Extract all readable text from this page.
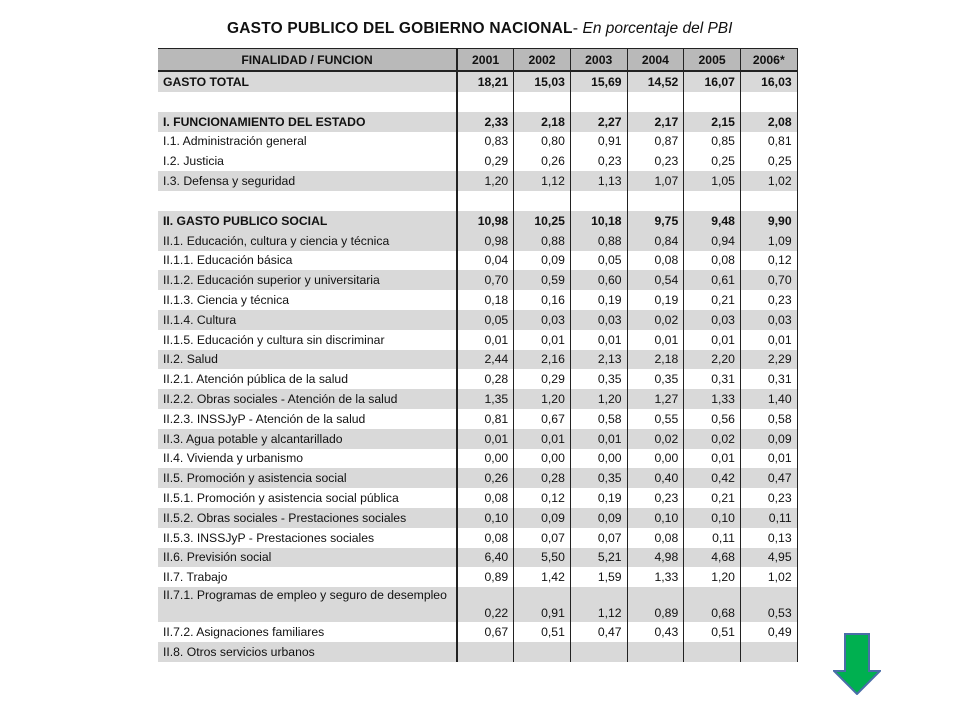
GASTO PUBLICO DEL GOBIERNO NACIONAL- En porcentaje del PBI
FINALIDAD / FUNCION	2001	2002	2003	2004	2005	2006*
GASTO TOTAL	18,21	15,03	15,69	14,52	16,07	16,03

I. FUNCIONAMIENTO DEL ESTADO	2,33	2,18	2,27	2,17	2,15	2,08
I.1. Administración general	0,83	0,80	0,91	0,87	0,85	0,81
I.2. Justicia	0,29	0,26	0,23	0,23	0,25	0,25
I.3. Defensa y seguridad	1,20	1,12	1,13	1,07	1,05	1,02

II. GASTO PUBLICO SOCIAL	10,98	10,25	10,18	9,75	9,48	9,90
II.1. Educación, cultura y ciencia y técnica	0,98	0,88	0,88	0,84	0,94	1,09
II.1.1. Educación básica	0,04	0,09	0,05	0,08	0,08	0,12
II.1.2. Educación superior y universitaria	0,70	0,59	0,60	0,54	0,61	0,70
II.1.3. Ciencia y técnica	0,18	0,16	0,19	0,19	0,21	0,23
II.1.4. Cultura	0,05	0,03	0,03	0,02	0,03	0,03
II.1.5. Educación y cultura sin discriminar	0,01	0,01	0,01	0,01	0,01	0,01
II.2. Salud	2,44	2,16	2,13	2,18	2,20	2,29
II.2.1. Atención pública de la salud	0,28	0,29	0,35	0,35	0,31	0,31
II.2.2. Obras sociales - Atención de la salud	1,35	1,20	1,20	1,27	1,33	1,40
II.2.3. INSSJyP - Atención de la salud	0,81	0,67	0,58	0,55	0,56	0,58
II.3. Agua potable y alcantarillado	0,01	0,01	0,01	0,02	0,02	0,09
II.4. Vivienda y urbanismo	0,00	0,00	0,00	0,00	0,01	0,01
II.5. Promoción y asistencia social	0,26	0,28	0,35	0,40	0,42	0,47
II.5.1. Promoción y asistencia social pública	0,08	0,12	0,19	0,23	0,21	0,23
II.5.2. Obras sociales - Prestaciones sociales	0,10	0,09	0,09	0,10	0,10	0,11
II.5.3. INSSJyP - Prestaciones sociales	0,08	0,07	0,07	0,08	0,11	0,13
II.6. Previsión social	6,40	5,50	5,21	4,98	4,68	4,95
II.7. Trabajo	0,89	1,42	1,59	1,33	1,20	1,02
II.7.1. Programas de empleo y seguro de desempleo	0,22	0,91	1,12	0,89	0,68	0,53
II.7.2. Asignaciones familiares	0,67	0,51	0,47	0,43	0,51	0,49
II.8. Otros servicios urbanos						
